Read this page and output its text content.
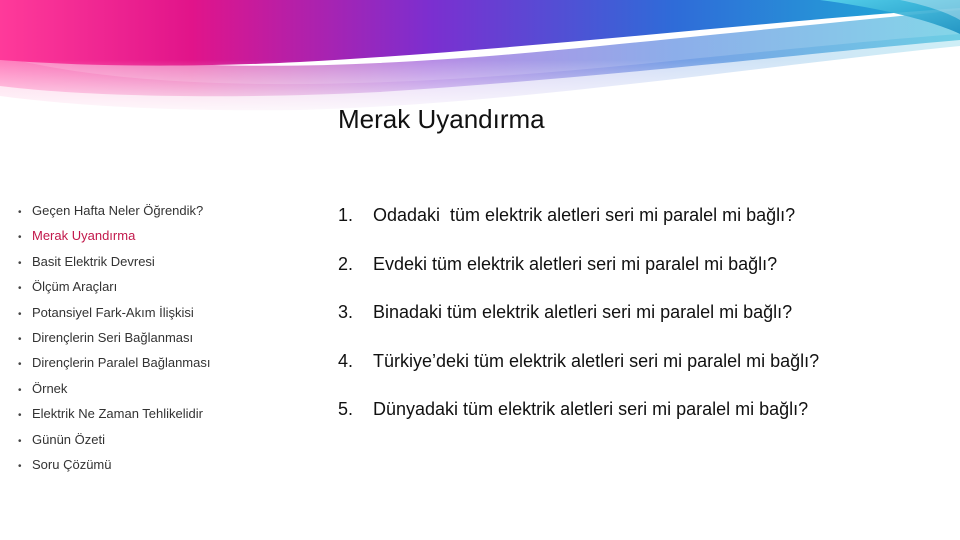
Merak Uyandırma
• Geçen Hafta Neler Öğrendik?
• Merak Uyandırma
• Basit Elektrik Devresi
• Ölçüm Araçları
• Potansiyel Fark-Akım İlişkisi
• Dirençlerin Seri Bağlanması
• Dirençlerin Paralel Bağlanması
• Örnek
• Elektrik Ne Zaman Tehlikelidir
• Günün Özeti
• Soru Çözümü
1. Odadaki  tüm elektrik aletleri seri mi paralel mi bağlı?
2. Evdeki tüm elektrik aletleri seri mi paralel mi bağlı?
3. Binadaki tüm elektrik aletleri seri mi paralel mi bağlı?
4. Türkiye’deki tüm elektrik aletleri seri mi paralel mi bağlı?
5. Dünyadaki tüm elektrik aletleri seri mi paralel mi bağlı?
